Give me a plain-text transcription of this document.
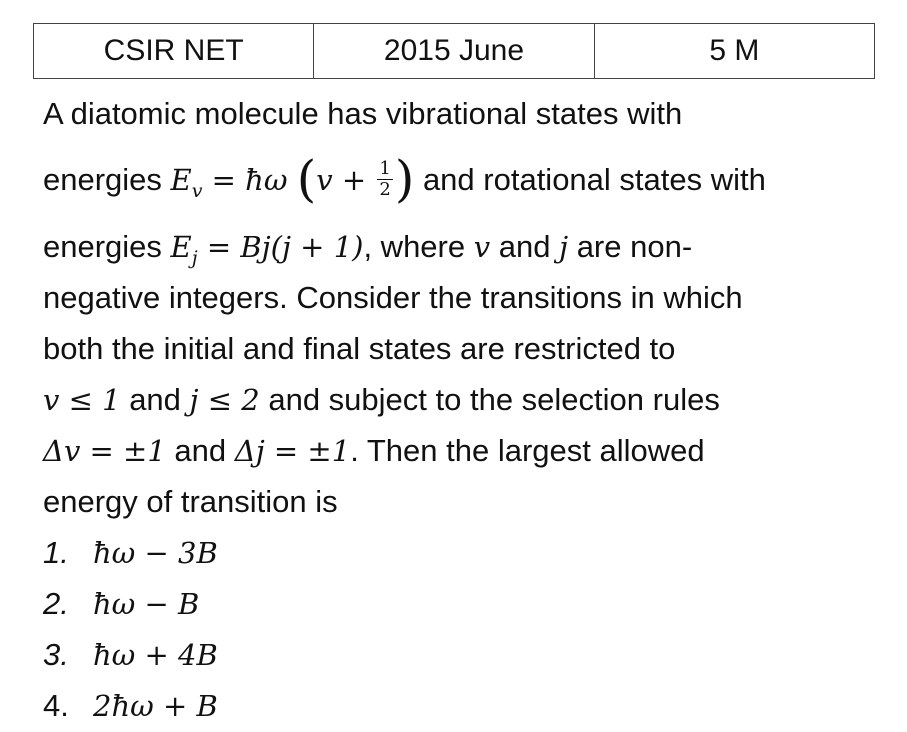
CSIR NET	2015 June	5 M
A diatomic molecule has vibrational states with
energies $E_v$ = ħω ($v + \frac{1}{2}$ ) and rotational states with
energies $E_j = Bj(j + 1)$, where v and j are non-
negative integers. Consider the transitions in which
both the initial and final states are restricted to
v ≤ 1 and j ≤ 2 and subject to the selection rules
Δv = ±1 and Δj = ±1. Then the largest allowed
energy of transition is
1. ħω − 3B
2. ħω − B
3. ħω + 4B
4. 2ħω + B
